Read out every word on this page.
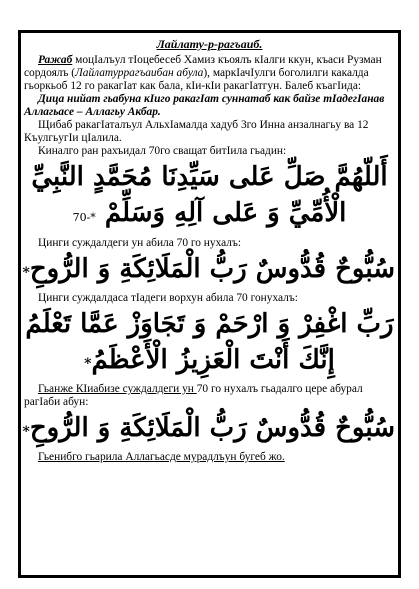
Лайлату-р-рагъаиб.

Ражаб моцІалъул тІоцебесеб Хамиз къоялъ кІалги ккун, къаси Рузман сордоялъ (Лайлатуррагъаибан абула), маркІачІулги боголилги какалда гьоркьоб 12 го ракагІат как бала, кІи-кІи ракагІатгун. Балеб къагІида:

Дица нийат гьабуна кІиго ракагІат суннатаб как байзе тІадегІанав Аллагьасе – Аллагьу Акбар.

Щибаб ракагІаталъул АльхІамалда хадуб 3го Инна анзалнагьу ва 12 КъулгьугІи цІалила.

Киналго ран рахъидал 70го сващат битІила гьадин:

أَللّهُمَّ صَلِّ عَلى سَيِّدِنَا مُحَمَّدٍ النَّبِيِّ
الْأُمِّيِّ وَ عَلى آلِهِ وَسَلِّمْ *-70

Цинги суждалдеги ун абила 70 го нухалъ:

سُبُّوحٌ قُدُّوسٌ رَبُّ الْمَلَائِكَةِ وَ الرُّوحِ*

Цинги суждалдаса тІадеги ворхун абила 70 гонухалъ:

رَبِّ اغْفِرْ وَ ارْحَمْ وَ تَجَاوَزْ عَمَّا تَعْلَمُ
إِنَّكَ أَنْتَ الْعَزِيزُ الْأَعْظَمُ*

Гьанже КІиабизе суждалдеги ун 70 го нухалъ гьадалго цере абурал рагІаби абун:

سُبُّوحٌ قُدُّوسٌ رَبُّ الْمَلَائِكَةِ وَ الرُّوحِ*

Гьенибго гьарила Аллагьасде мурадлъун бугеб жо.
